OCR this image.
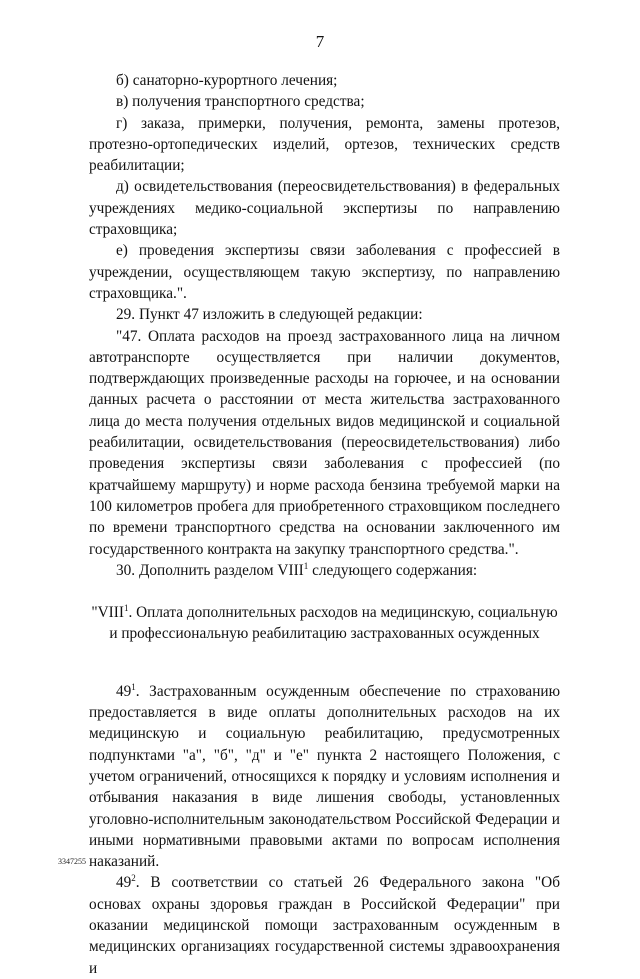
7

б) санаторно-курортного лечения;

в) получения транспортного средства;

г) заказа, примерки, получения, ремонта, замены протезов, протезно-ортопедических изделий, ортезов, технических средств реабилитации;

д) освидетельствования (переосвидетельствования) в федеральных учреждениях медико-социальной экспертизы по направлению страховщика;

е) проведения экспертизы связи заболевания с профессией в учреждении, осуществляющем такую экспертизу, по направлению страховщика.".

29. Пункт 47 изложить в следующей редакции:

"47. Оплата расходов на проезд застрахованного лица на личном автотранспорте осуществляется при наличии документов, подтверждающих произведенные расходы на горючее, и на основании данных расчета о расстоянии от места жительства застрахованного лица до места получения отдельных видов медицинской и социальной реабилитации, освидетельствования (переосвидетельствования) либо проведения экспертизы связи заболевания с профессией (по кратчайшему маршруту) и норме расхода бензина требуемой марки на 100 километров пробега для приобретенного страховщиком последнего по времени транспортного средства на основании заключенного им государственного контракта на закупку транспортного средства.".

30. Дополнить разделом VIII$^1$ следующего содержания:

"VIII$^1$. Оплата дополнительных расходов на медицинскую, социальную
и профессиональную реабилитацию застрахованных осужденных

$49^1$. Застрахованным осужденным обеспечение по страхованию предоставляется в виде оплаты дополнительных расходов на их медицинскую и социальную реабилитацию, предусмотренных подпунктами "а", "б", "д" и "е" пункта 2 настоящего Положения, с учетом ограничений, относящихся к порядку и условиям исполнения и отбывания наказания в виде лишения свободы, установленных уголовно-исполнительным законодательством Российской Федерации и иными нормативными правовыми актами по вопросам исполнения наказаний.

$49^2$. В соответствии со статьей 26 Федерального закона "Об основах охраны здоровья граждан в Российской Федерации" при оказании медицинской помощи застрахованным осужденным в медицинских организациях государственной системы здравоохранения и

3347255
